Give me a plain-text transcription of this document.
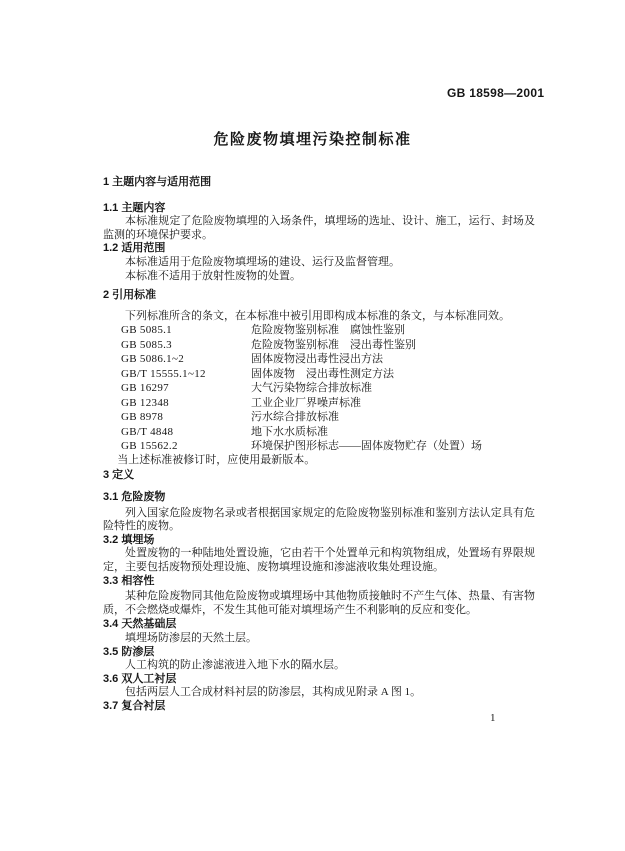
GB 18598—2001
危险废物填埋污染控制标准
1 主题内容与适用范围
1.1 主题内容

本标准规定了危险废物填埋的入场条件，填埋场的选址、设计、施工，运行、封场及监测的环境保护要求。

1.2 适用范围

本标准适用于危险废物填埋场的建设、运行及监督管理。

本标准不适用于放射性废物的处置。

2 引用标准

下列标准所含的条文，在本标准中被引用即构成本标准的条文，与本标准同效。

GB 5085.1	危险废物鉴别标准　腐蚀性鉴别
GB 5085.3	危险废物鉴别标准　浸出毒性鉴别
GB 5086.1~2	固体废物浸出毒性浸出方法
GB/T 15555.1~12	固体废物　浸出毒性测定方法
GB 16297	大气污染物综合排放标准
GB 12348	工业企业厂界噪声标准
GB 8978	污水综合排放标准
GB/T 4848	地下水水质标准
GB 15562.2	环境保护图形标志——固体废物贮存（处置）场

当上述标准被修订时，应使用最新版本。

3 定义
3.1 危险废物

列入国家危险废物名录或者根据国家规定的危险废物鉴别标准和鉴别方法认定具有危险特性的废物。

3.2 填埋场

处置废物的一种陆地处置设施，它由若干个处置单元和构筑物组成，处置场有界限规定，主要包括废物预处理设施、废物填埋设施和渗滤液收集处理设施。

3.3 相容性

某种危险废物同其他危险废物或填埋场中其他物质接触时不产生气体、热量、有害物质，不会燃烧或爆炸，不发生其他可能对填埋场产生不利影响的反应和变化。

3.4 天然基础层

填埋场防渗层的天然土层。

3.5 防渗层

人工构筑的防止渗滤液进入地下水的隔水层。

3.6 双人工衬层

包括两层人工合成材料衬层的防渗层，其构成见附录 A 图 1。

3.7 复合衬层
1
